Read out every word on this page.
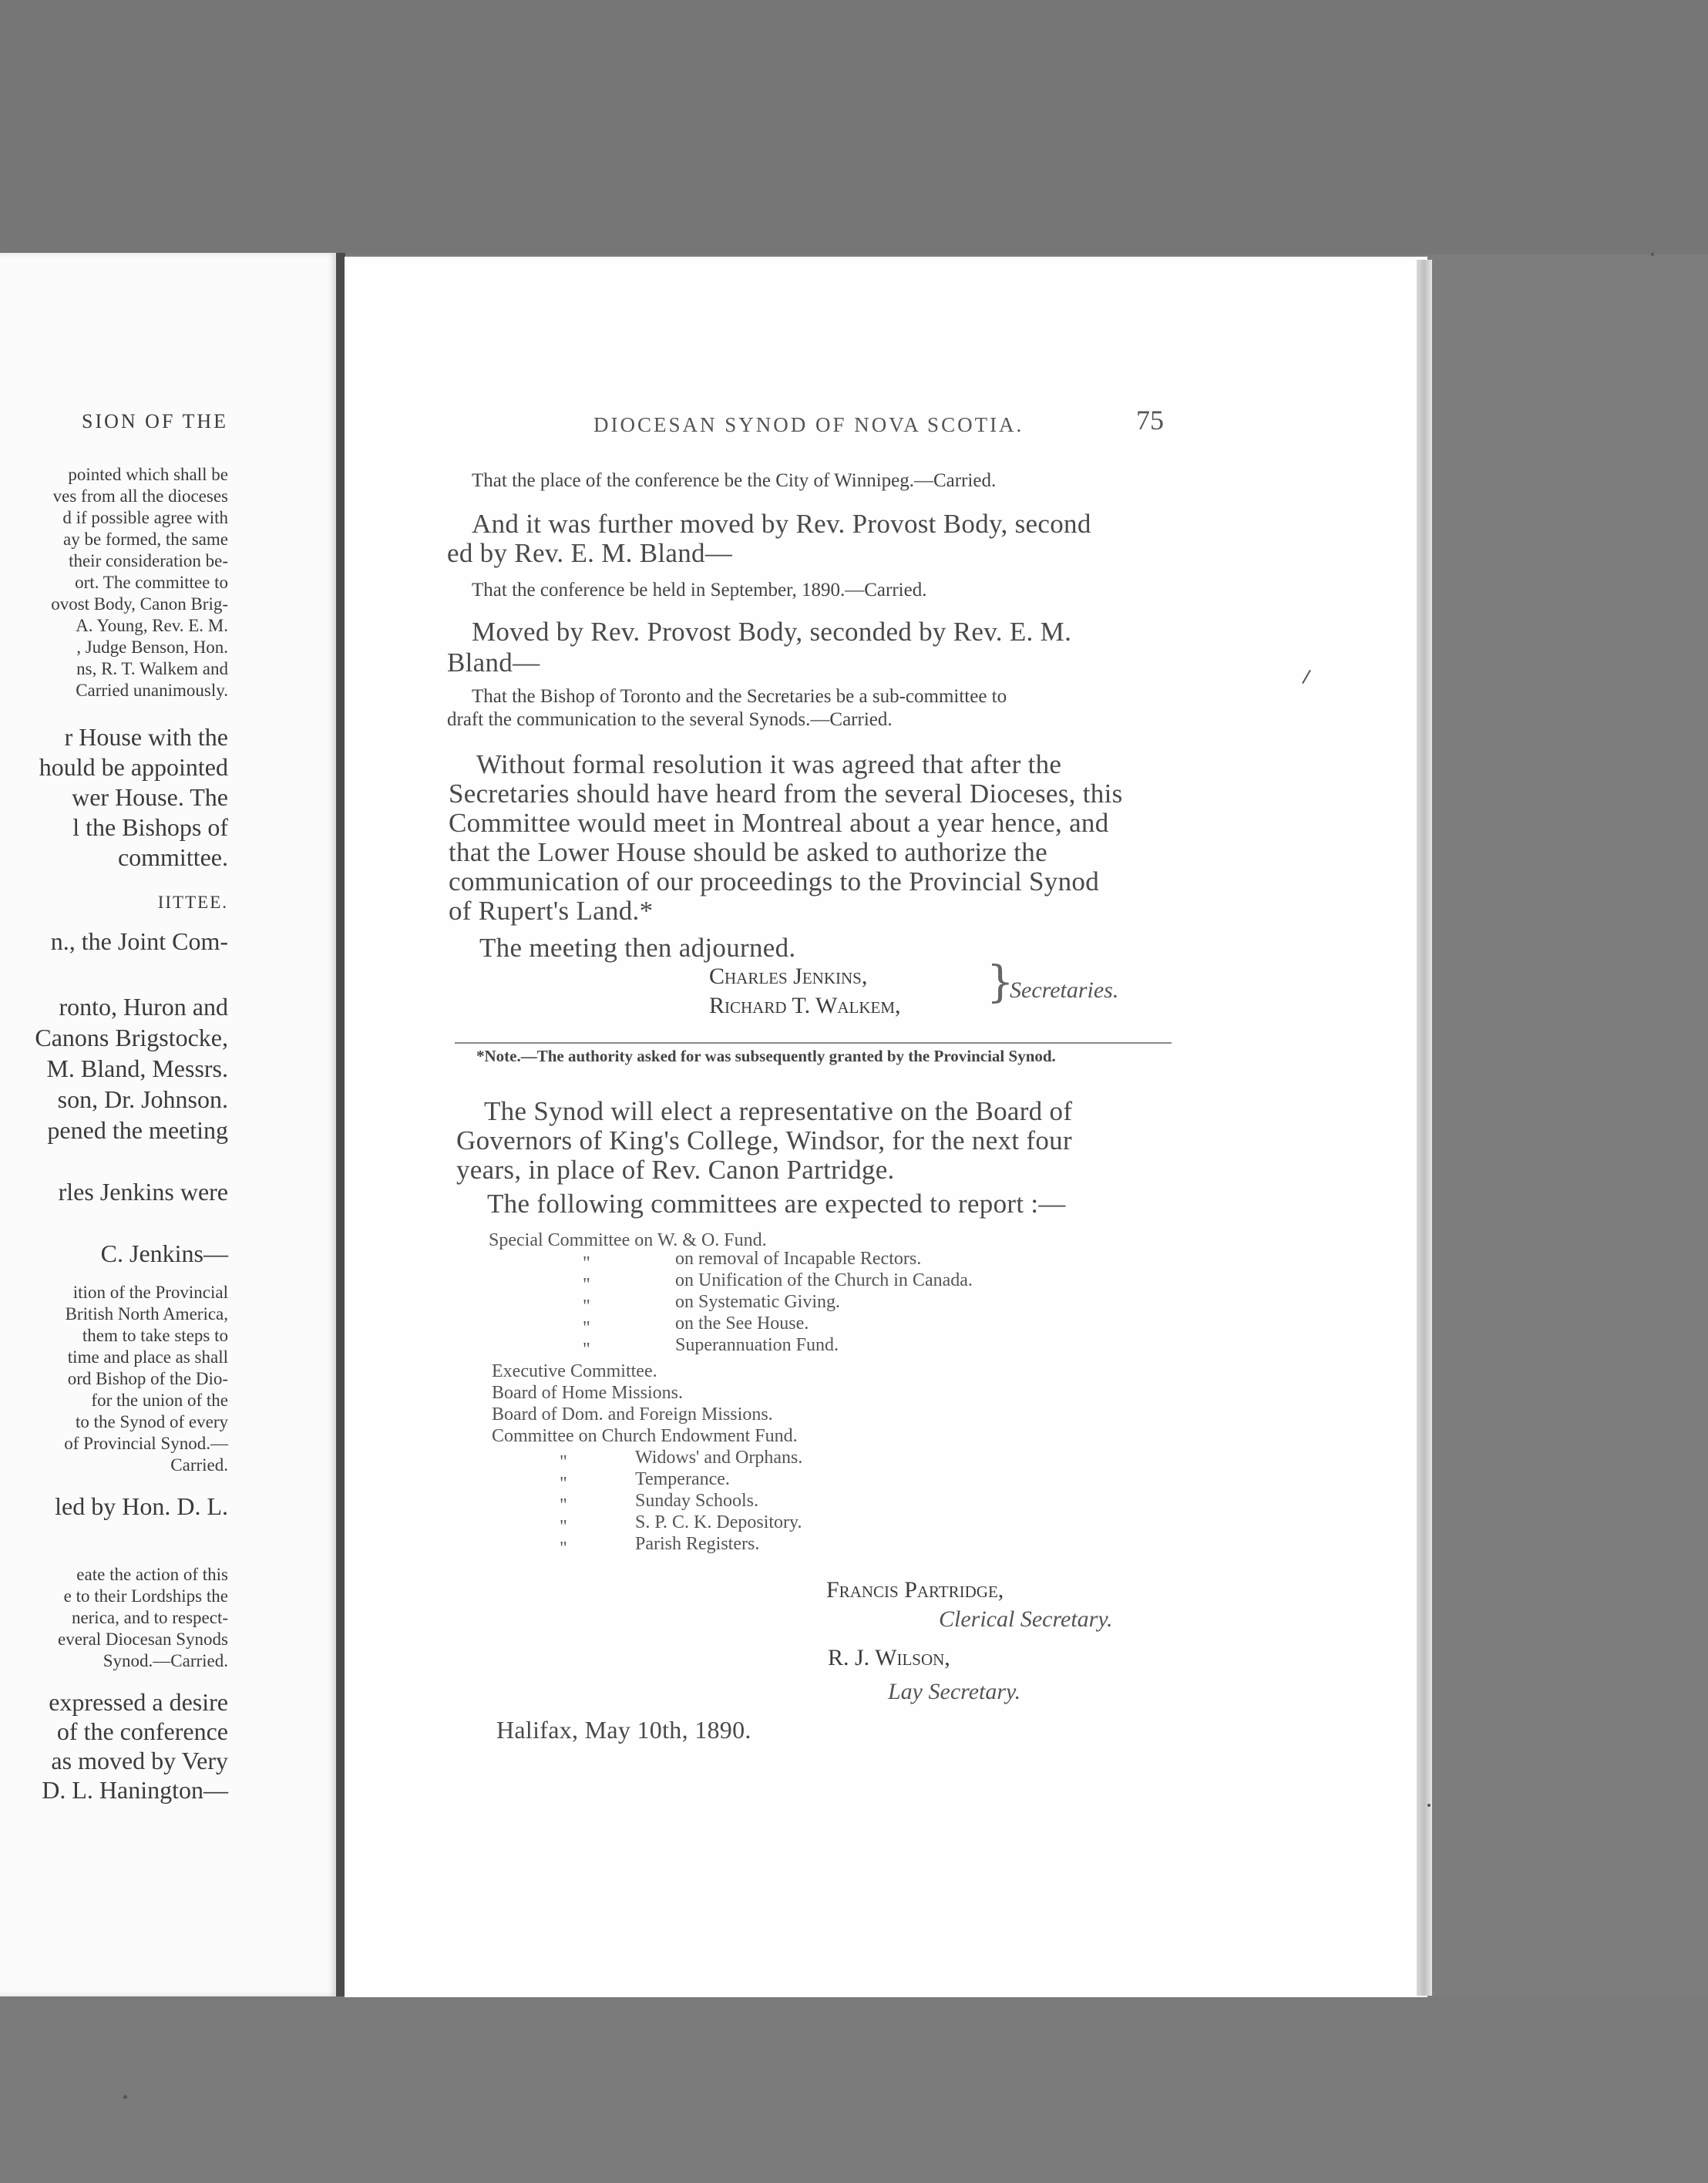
SION OF THE
pointed which shall be
ves from all the dioceses
d if possible agree with
ay be formed, the same
their consideration be-
ort. The committee to
ovost Body, Canon Brig-
A. Young, Rev. E. M.
, Judge Benson, Hon.
ns, R. T. Walkem and
Carried unanimously.
r House with the
hould be appointed
wer House. The
l the Bishops of
committee.
IITTEE.
n., the Joint Com-
ronto, Huron and
Canons Brigstocke,
M. Bland, Messrs.
son, Dr. Johnson.
pened the meeting
rles Jenkins were
C. Jenkins—
ition of the Provincial
British North America,
them to take steps to
time and place as shall
ord Bishop of the Dio-
for the union of the
to the Synod of every
of Provincial Synod.—
Carried.
led by Hon. D. L.
eate the action of this
e to their Lordships the
nerica, and to respect-
everal Diocesan Synods
Synod.—Carried.
expressed a desire
of the conference
as moved by Very
D. L. Hanington—
DIOCESAN SYNOD OF NOVA SCOTIA.	75
That the place of the conference be the City of Winnipeg.—Carried.
And it was further moved by Rev. Provost Body, second
ed by Rev. E. M. Bland—
That the conference be held in September, 1890.—Carried.
Moved by Rev. Provost Body, seconded by Rev. E. M.
Bland—
That the Bishop of Toronto and the Secretaries be a sub-committee to
draft the communication to the several Synods.—Carried.
Without formal resolution it was agreed that after the
Secretaries should have heard from the several Dioceses, this
Committee would meet in Montreal about a year hence, and
that the Lower House should be asked to authorize the
communication of our proceedings to the Provincial Synod
of Rupert's Land.*
The meeting then adjourned.
Charles Jenkins,
Richard T. Walkem, }
Secretaries.
*Note.—The authority asked for was subsequently granted by the Provincial Synod.
The Synod will elect a representative on the Board of
Governors of King's College, Windsor, for the next four
years, in place of Rev. Canon Partridge.
The following committees are expected to report :—
Special Committee on W. & O. Fund.
"	on removal of Incapable Rectors.
"	on Unification of the Church in Canada.
"	on Systematic Giving.
"	on the See House.
"	Superannuation Fund.
Executive Committee.
Board of Home Missions.
Board of Dom. and Foreign Missions.
Committee on Church Endowment Fund.
"	Widows' and Orphans.
"	Temperance.
"	Sunday Schools.
"	S. P. C. K. Depository.
"	Parish Registers.
Francis Partridge,
Clerical Secretary.
R. J. Wilson,
Lay Secretary.
Halifax, May 10th, 1890.
